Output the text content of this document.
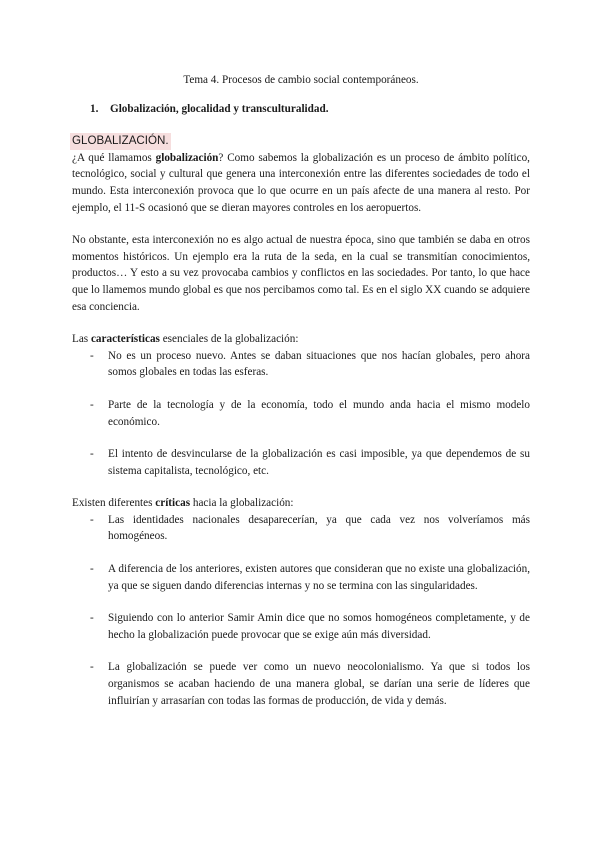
Tema 4. Procesos de cambio social contemporáneos.
1.	Globalización, glocalidad y transculturalidad.
GLOBALIZACIÓN.

¿A qué llamamos globalización? Como sabemos la globalización es un proceso de ámbito político, tecnológico, social y cultural que genera una interconexión entre las diferentes sociedades de todo el mundo. Esta interconexión provoca que lo que ocurre en un país afecte de una manera al resto. Por ejemplo, el 11-S ocasionó que se dieran mayores controles en los aeropuertos.

No obstante, esta interconexión no es algo actual de nuestra época, sino que también se daba en otros momentos históricos. Un ejemplo era la ruta de la seda, en la cual se transmitían conocimientos, productos… Y esto a su vez provocaba cambios y conflictos en las sociedades. Por tanto, lo que hace que lo llamemos mundo global es que nos percibamos como tal. Es en el siglo XX cuando se adquiere esa conciencia.

Las características esenciales de la globalización:

-	No es un proceso nuevo. Antes se daban situaciones que nos hacían globales, pero ahora somos globales en todas las esferas.
-	Parte de la tecnología y de la economía, todo el mundo anda hacia el mismo modelo económico.
-	El intento de desvincularse de la globalización es casi imposible, ya que dependemos de su sistema capitalista, tecnológico, etc.

Existen diferentes críticas hacia la globalización:

-	Las identidades nacionales desaparecerían, ya que cada vez nos volveríamos más homogéneos.
-	A diferencia de los anteriores, existen autores que consideran que no existe una globalización, ya que se siguen dando diferencias internas y no se termina con las singularidades.
-	Siguiendo con lo anterior Samir Amin dice que no somos homogéneos completamente, y de hecho la globalización puede provocar que se exige aún más diversidad.
-	La globalización se puede ver como un nuevo neocolonialismo. Ya que si todos los organismos se acaban haciendo de una manera global, se darían una serie de líderes que influirían y arrasarían con todas las formas de producción, de vida y demás.
